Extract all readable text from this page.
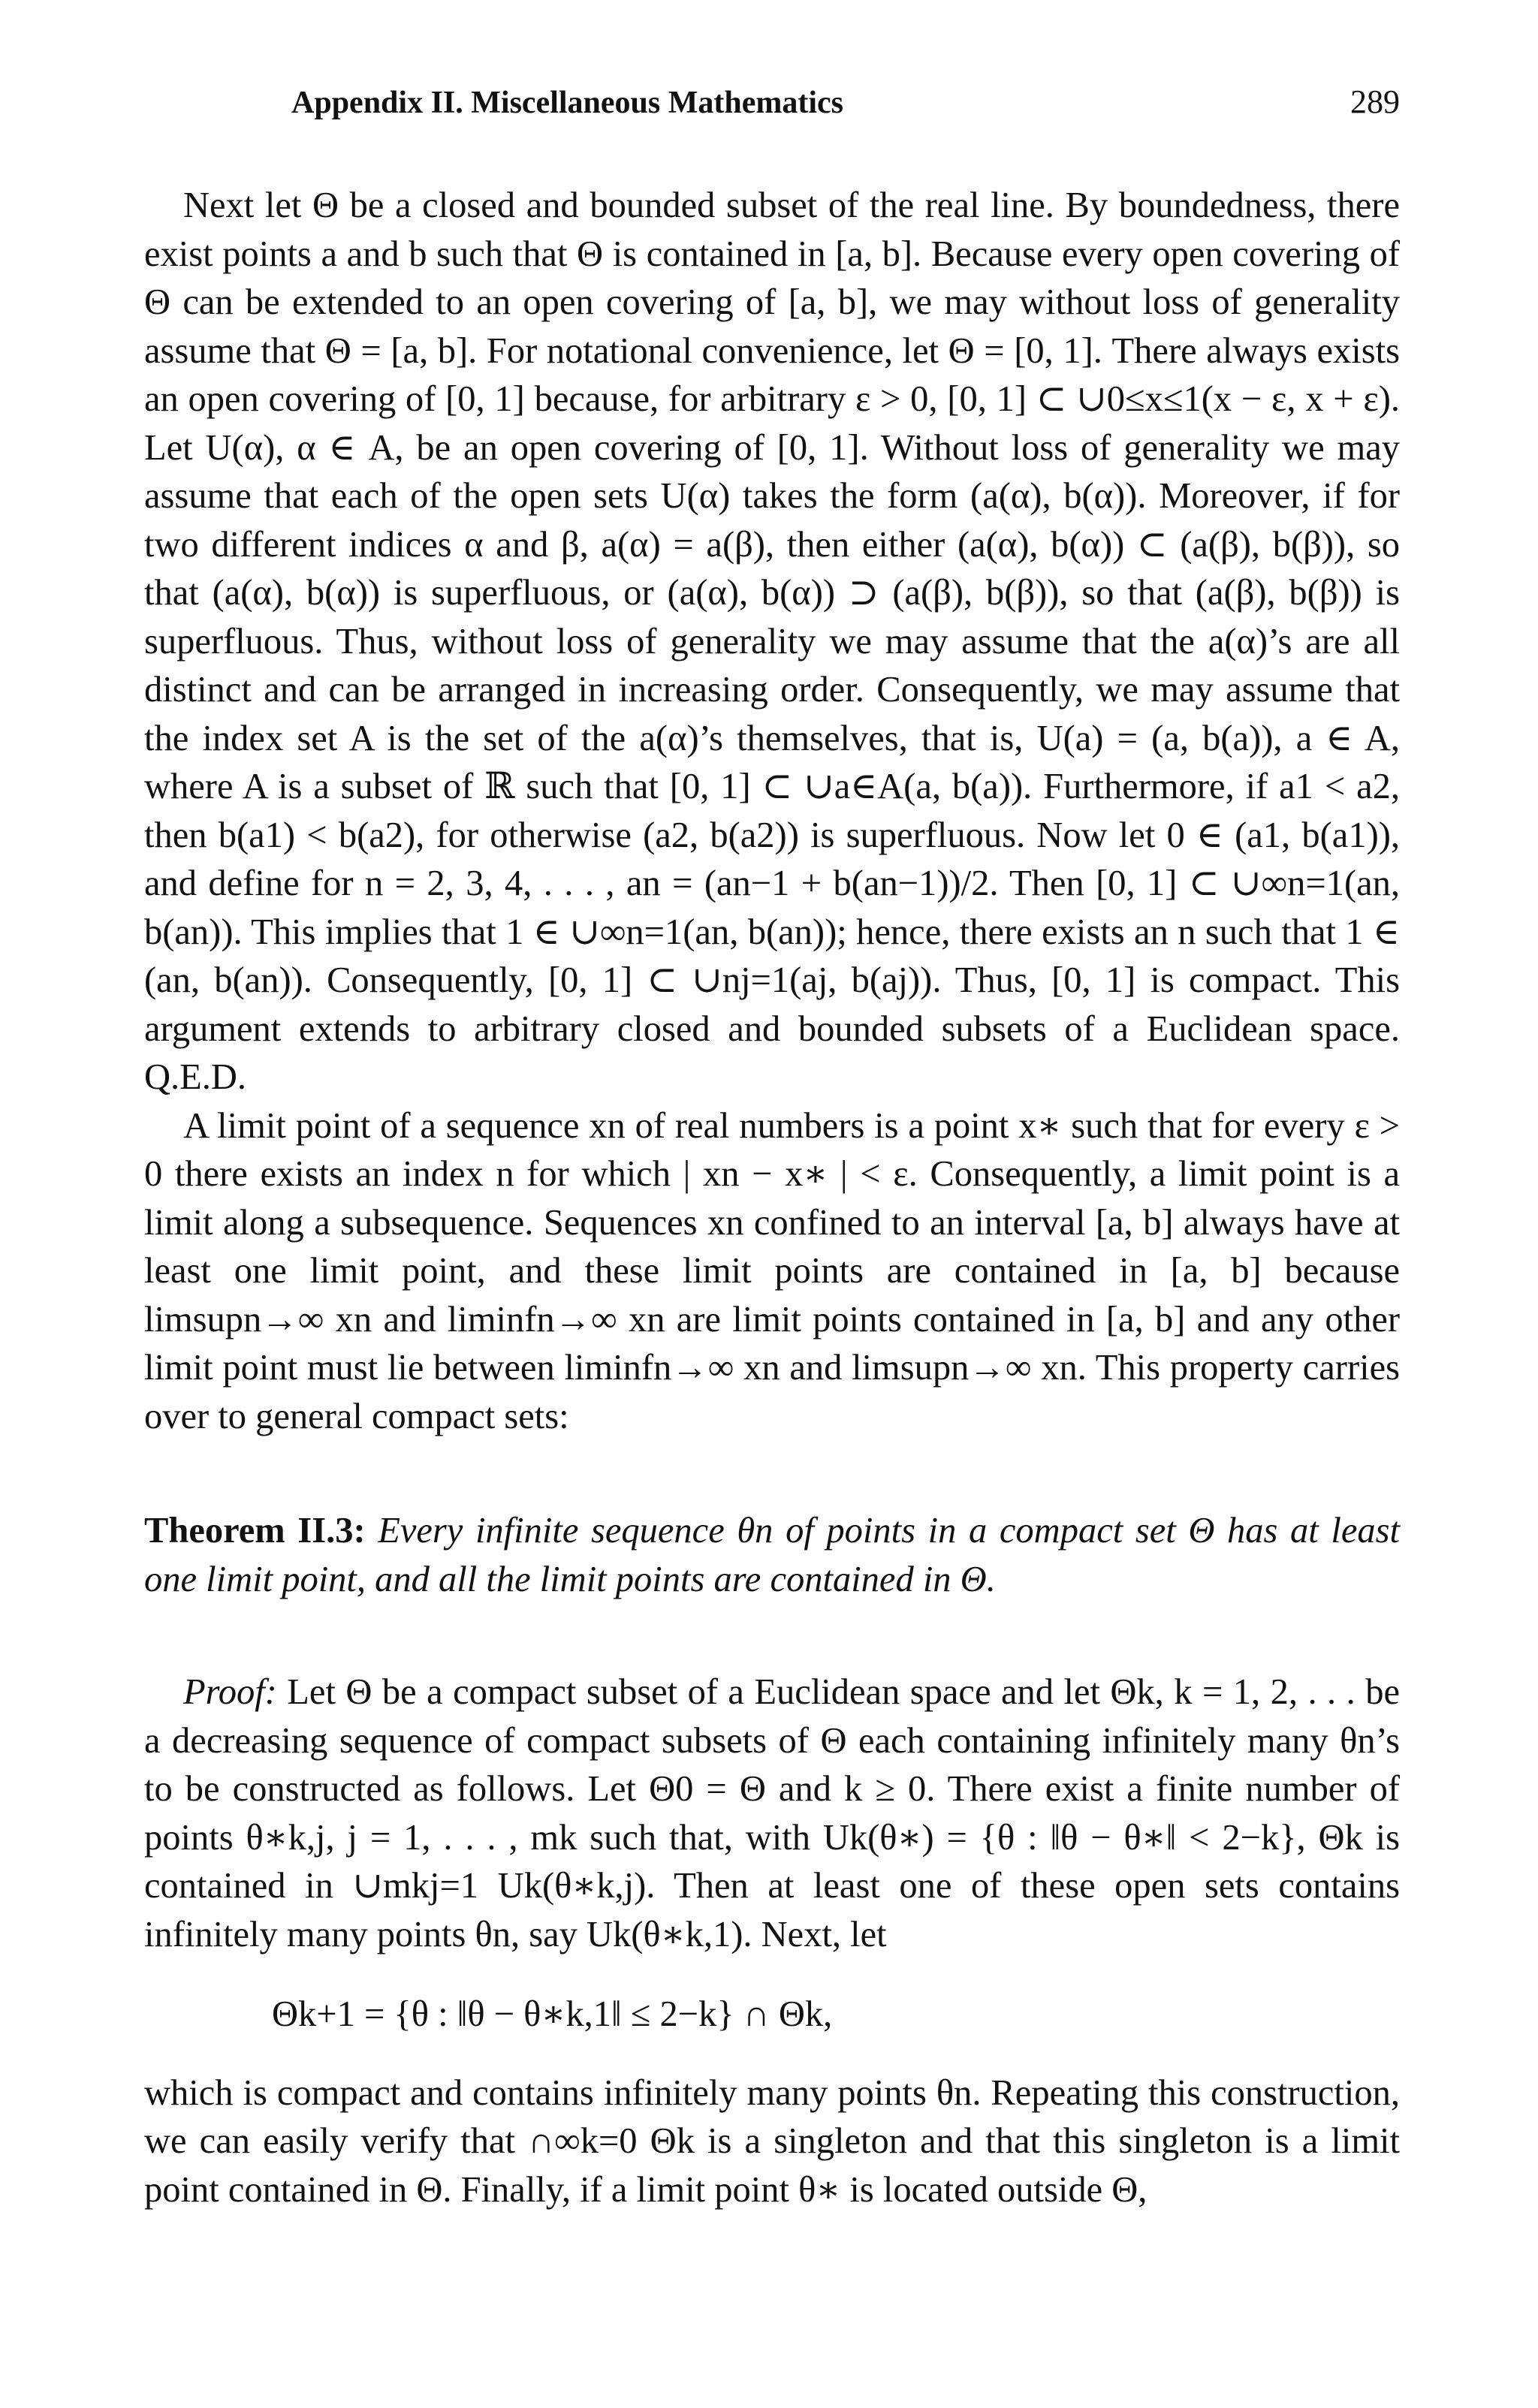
Appendix II. Miscellaneous Mathematics	289

Next let Θ be a closed and bounded subset of the real line. By boundedness, there exist points a and b such that Θ is contained in [a, b]. Because every open covering of Θ can be extended to an open covering of [a, b], we may without loss of generality assume that Θ = [a, b]. For notational convenience, let Θ = [0, 1]. There always exists an open covering of [0, 1] because, for arbitrary ε > 0, [0, 1] ⊂ ∪0≤x≤1(x − ε, x + ε). Let U(α), α ∈ A, be an open covering of [0, 1]. Without loss of generality we may assume that each of the open sets U(α) takes the form (a(α), b(α)). Moreover, if for two different indices α and β, a(α) = a(β), then either (a(α), b(α)) ⊂ (a(β), b(β)), so that (a(α), b(α)) is superfluous, or (a(α), b(α)) ⊃ (a(β), b(β)), so that (a(β), b(β)) is superfluous. Thus, without loss of generality we may assume that the a(α)’s are all distinct and can be arranged in increasing order. Consequently, we may assume that the index set A is the set of the a(α)’s themselves, that is, U(a) = (a, b(a)), a ∈ A, where A is a subset of ℝ such that [0, 1] ⊂ ∪a∈A(a, b(a)). Furthermore, if a1 < a2, then b(a1) < b(a2), for otherwise (a2, b(a2)) is superfluous. Now let 0 ∈ (a1, b(a1)), and define for n = 2, 3, 4, . . . , an = (an−1 + b(an−1))/2. Then [0, 1] ⊂ ∪∞n=1(an, b(an)). This implies that 1 ∈ ∪∞n=1(an, b(an)); hence, there exists an n such that 1 ∈ (an, b(an)). Consequently, [0, 1] ⊂ ∪nj=1(aj, b(aj)). Thus, [0, 1] is compact. This argument extends to arbitrary closed and bounded subsets of a Euclidean space. Q.E.D.

A limit point of a sequence xn of real numbers is a point x∗ such that for every ε > 0 there exists an index n for which | xn − x∗ | < ε. Consequently, a limit point is a limit along a subsequence. Sequences xn confined to an interval [a, b] always have at least one limit point, and these limit points are contained in [a, b] because limsupn→∞ xn and liminfn→∞ xn are limit points contained in [a, b] and any other limit point must lie between liminfn→∞ xn and limsupn→∞ xn. This property carries over to general compact sets:

Theorem II.3: Every infinite sequence θn of points in a compact set Θ has at least one limit point, and all the limit points are contained in Θ.

Proof: Let Θ be a compact subset of a Euclidean space and let Θk, k = 1, 2, . . . be a decreasing sequence of compact subsets of Θ each containing infinitely many θn’s to be constructed as follows. Let Θ0 = Θ and k ≥ 0. There exist a finite number of points θ∗k,j, j = 1, . . . , mk such that, with Uk(θ∗) = {θ : ‖θ − θ∗‖ < 2−k}, Θk is contained in ∪mkj=1 Uk(θ∗k,j). Then at least one of these open sets contains infinitely many points θn, say Uk(θ∗k,1). Next, let

Θk+1 = {θ : ‖θ − θ∗k,1‖ ≤ 2−k} ∩ Θk,

which is compact and contains infinitely many points θn. Repeating this construction, we can easily verify that ∩∞k=0 Θk is a singleton and that this singleton is a limit point contained in Θ. Finally, if a limit point θ∗ is located outside Θ,
